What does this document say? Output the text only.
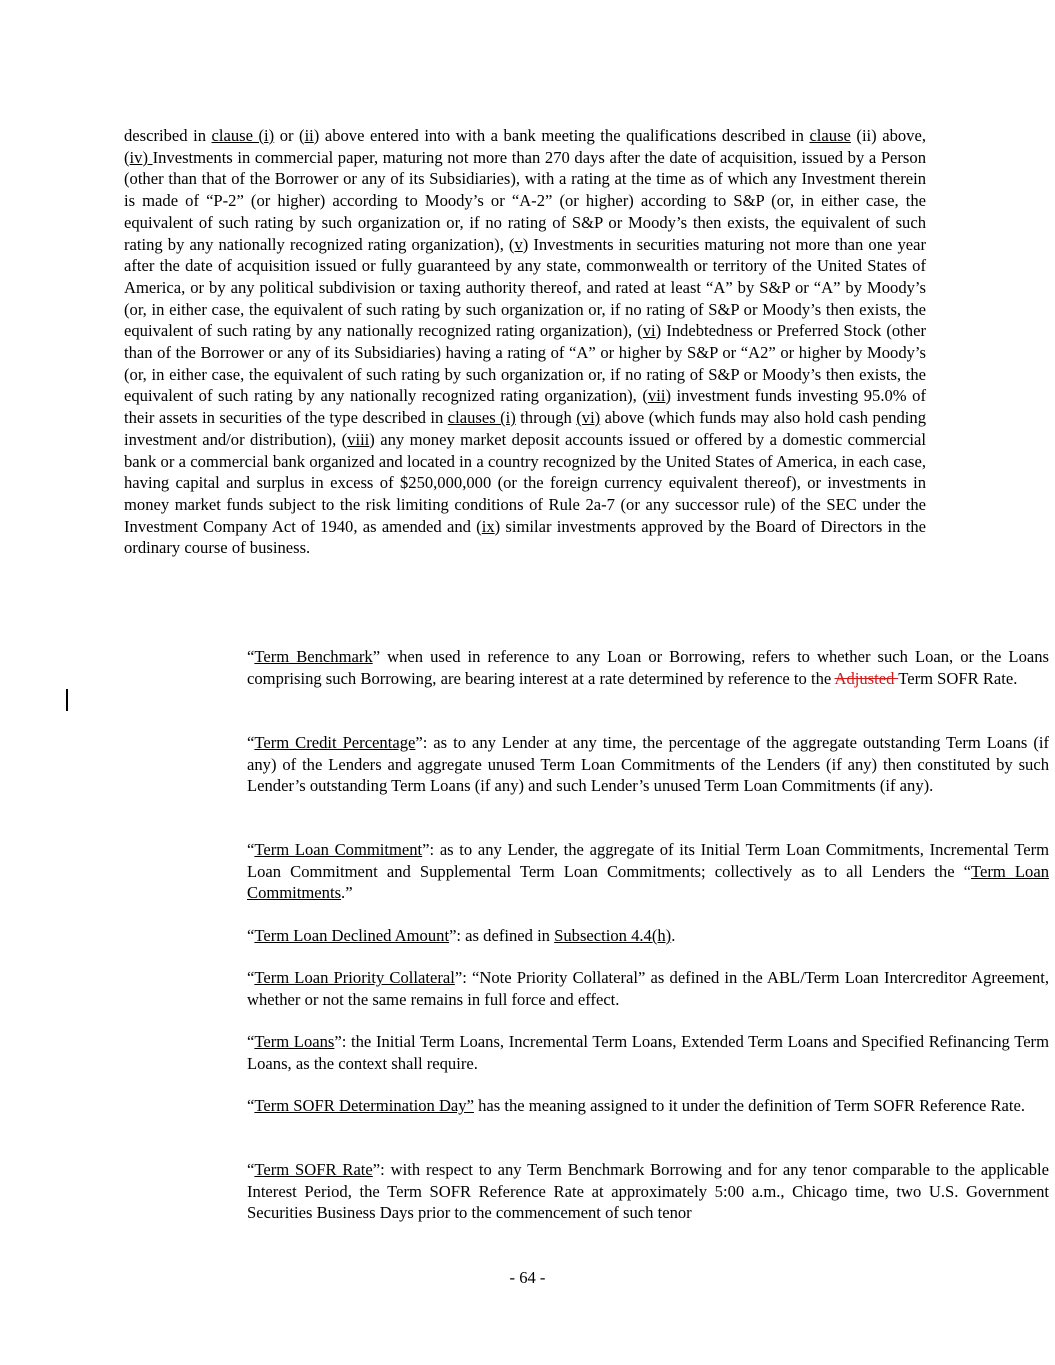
described in clause (i) or (ii) above entered into with a bank meeting the qualifications described in clause (ii) above, (iv) Investments in commercial paper, maturing not more than 270 days after the date of acquisition, issued by a Person (other than that of the Borrower or any of its Subsidiaries), with a rating at the time as of which any Investment therein is made of “P-2” (or higher) according to Moody’s or “A-2” (or higher) according to S&P (or, in either case, the equivalent of such rating by such organization or, if no rating of S&P or Moody’s then exists, the equivalent of such rating by any nationally recognized rating organization), (v) Investments in securities maturing not more than one year after the date of acquisition issued or fully guaranteed by any state, commonwealth or territory of the United States of America, or by any political subdivision or taxing authority thereof, and rated at least “A” by S&P or “A” by Moody’s (or, in either case, the equivalent of such rating by such organization or, if no rating of S&P or Moody’s then exists, the equivalent of such rating by any nationally recognized rating organization), (vi) Indebtedness or Preferred Stock (other than of the Borrower or any of its Subsidiaries) having a rating of “A” or higher by S&P or “A2” or higher by Moody’s (or, in either case, the equivalent of such rating by such organization or, if no rating of S&P or Moody’s then exists, the equivalent of such rating by any nationally recognized rating organization), (vii) investment funds investing 95.0% of their assets in securities of the type described in clauses (i) through (vi) above (which funds may also hold cash pending investment and/or distribution), (viii) any money market deposit accounts issued or offered by a domestic commercial bank or a commercial bank organized and located in a country recognized by the United States of America, in each case, having capital and surplus in excess of $250,000,000 (or the foreign currency equivalent thereof), or investments in money market funds subject to the risk limiting conditions of Rule 2a-7 (or any successor rule) of the SEC under the Investment Company Act of 1940, as amended and (ix) similar investments approved by the Board of Directors in the ordinary course of business.

“Term Benchmark” when used in reference to any Loan or Borrowing, refers to whether such Loan, or the Loans comprising such Borrowing, are bearing interest at a rate determined by reference to the Adjusted Term SOFR Rate.

“Term Credit Percentage”: as to any Lender at any time, the percentage of the aggregate outstanding Term Loans (if any) of the Lenders and aggregate unused Term Loan Commitments of the Lenders (if any) then constituted by such Lender’s outstanding Term Loans (if any) and such Lender’s unused Term Loan Commitments (if any).

“Term Loan Commitment”: as to any Lender, the aggregate of its Initial Term Loan Commitments, Incremental Term Loan Commitment and Supplemental Term Loan Commitments; collectively as to all Lenders the “Term Loan Commitments.”

“Term Loan Declined Amount”: as defined in Subsection 4.4(h).

“Term Loan Priority Collateral”: “Note Priority Collateral” as defined in the ABL/Term Loan Intercreditor Agreement, whether or not the same remains in full force and effect.

“Term Loans”: the Initial Term Loans, Incremental Term Loans, Extended Term Loans and Specified Refinancing Term Loans, as the context shall require.

“Term SOFR Determination Day” has the meaning assigned to it under the definition of Term SOFR Reference Rate.

“Term SOFR Rate”: with respect to any Term Benchmark Borrowing and for any tenor comparable to the applicable Interest Period, the Term SOFR Reference Rate at approximately 5:00 a.m., Chicago time, two U.S. Government Securities Business Days prior to the commencement of such tenor

- 64 -
